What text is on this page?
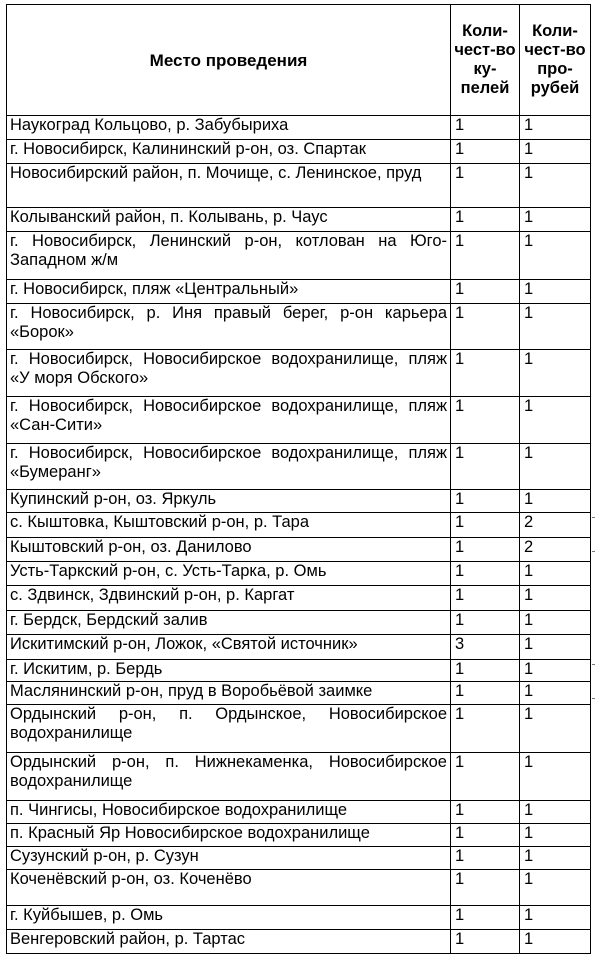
Место проведения	Коли-чест-во ку-пелей	Коли-чест-во про-рубей
Наукоград Кольцово, р. Забубыриха	1	1
г. Новосибирск, Калининский р-он, оз. Спартак	1	1
Новосибирский район, п. Мочище, с. Ленинское, пруд	1	1
Колыванский район, п. Колывань, р. Чаус	1	1
г. Новосибирск, Ленинский р-он, котлован на Юго-Западном ж/м	1	1
г. Новосибирск, пляж «Центральный»	1	1
г. Новосибирск, р. Иня правый берег, р-он карьера «Борок»	1	1
г. Новосибирск, Новосибирское водохранилище, пляж «У моря Обского»	1	1
г. Новосибирск, Новосибирское водохранилище, пляж «Сан-Сити»	1	1
г. Новосибирск, Новосибирское водохранилище, пляж «Бумеранг»	1	1
Купинский р-он, оз. Яркуль	1	1
с. Кыштовка, Кыштовский р-он, р. Тара	1	2
Кыштовский р-он, оз. Данилово	1	2
Усть-Таркский р-он, с. Усть-Тарка, р. Омь	1	1
с. Здвинск, Здвинский р-он, р. Каргат	1	1
г. Бердск, Бердский залив	1	1
Искитимский р-он, Ложок, «Святой источник»	3	1
г. Искитим, р. Бердь	1	1
Маслянинский р-он, пруд в Воробьёвой заимке	1	1
Ордынский р-он, п. Ордынское, Новосибирское водохранилище	1	1
Ордынский р-он, п. Нижнекаменка, Новосибирское водохранилище	1	1
п. Чингисы, Новосибирское водохранилище	1	1
п. Красный Яр Новосибирское водохранилище	1	1
Сузунский р-он, р. Сузун	1	1
Коченёвский р-он, оз. Коченёво	1	1
г. Куйбышев, р. Омь	1	1
Венгеровский район, р. Тартас	1	1
